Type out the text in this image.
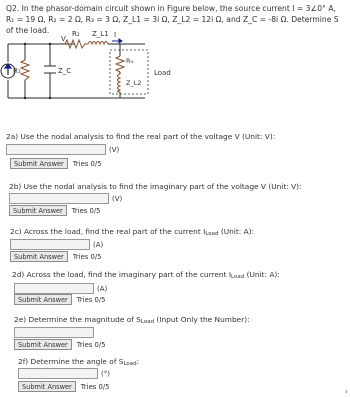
Q2. In the phasor-domain circuit shown in Figure below, the source current I = 3∠0° A, R₁ = 19 Ω, R₂ = 2 Ω, R₃ = 3 Ω, Z_L1 = 3i Ω, Z_L2 = 12i Ω, and Z_C = -8i Ω. Determine S of the load.
V
R₂ Z_L1 I
R₁	Z_C
R₃
Z_L2
Load
2a) Use the nodal analysis to find the real part of the voltage V (Unit: V):
(V)
Submit Answer	Tries 0/5
2b) Use the nodal analysis to find the imaginary part of the voltage V (Unit: V):
(V)
Submit Answer	Tries 0/5
2c) Across the load, find the real part of the current ILoad (Unit: A):
(A)
Submit Answer	Tries 0/5
2d) Across the load, find the imaginary part of the current ILoad (Unit: A):
(A)
Submit Answer	Tries 0/5
2e) Determine the magnitude of SLoad (Input Only the Number):
Submit Answer	Tries 0/5
2f) Determine the angle of SLoad:
(°)
Submit Answer	Tries 0/5
›
